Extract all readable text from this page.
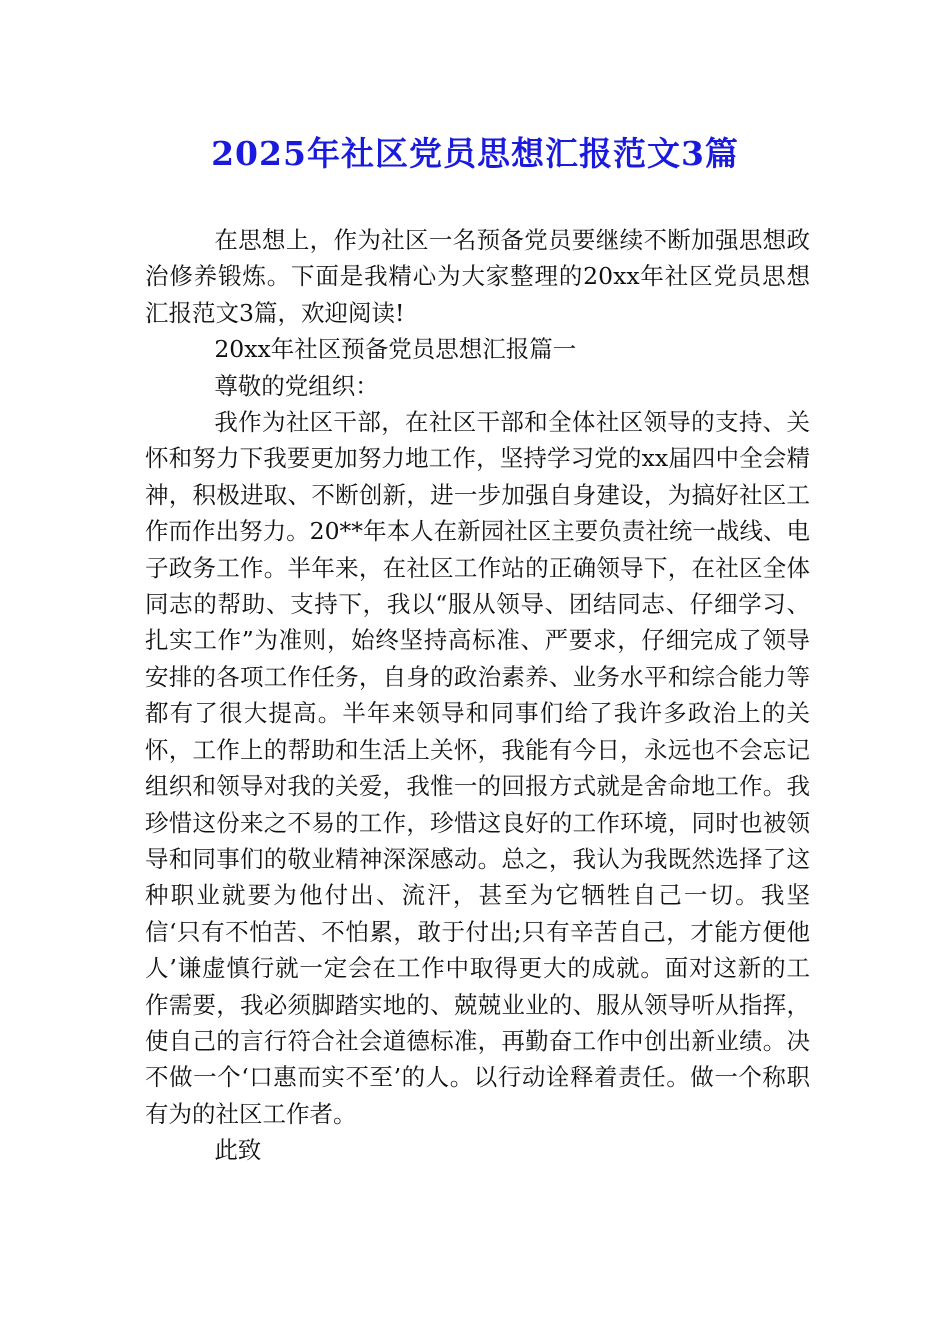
2025年社区党员思想汇报范文3篇

在思想上，作为社区一名预备党员要继续不断加强思想政治修养锻炼。下面是我精心为大家整理的20xx年社区党员思想汇报范文3篇，欢迎阅读!

20xx年社区预备党员思想汇报篇一

尊敬的党组织：

我作为社区干部，在社区干部和全体社区领导的支持、关怀和努力下我要更加努力地工作，坚持学习党的xx届四中全会精神，积极进取、不断创新，进一步加强自身建设，为搞好社区工作而作出努力。20**年本人在新园社区主要负责社统一战线、电子政务工作。半年来，在社区工作站的正确领导下，在社区全体同志的帮助、支持下，我以“服从领导、团结同志、仔细学习、扎实工作”为准则，始终坚持高标准、严要求，仔细完成了领导安排的各项工作任务，自身的政治素养、业务水平和综合能力等都有了很大提高。半年来领导和同事们给了我许多政治上的关怀，工作上的帮助和生活上关怀，我能有今日，永远也不会忘记组织和领导对我的关爱，我惟一的回报方式就是舍命地工作。我珍惜这份来之不易的工作，珍惜这良好的工作环境，同时也被领导和同事们的敬业精神深深感动。总之，我认为我既然选择了这种职业就要为他付出、流汗，甚至为它牺牲自己一切。我坚信‘只有不怕苦、不怕累，敢于付出;只有辛苦自己，才能方便他人’谦虚慎行就一定会在工作中取得更大的成就。面对这新的工作需要，我必须脚踏实地的、兢兢业业的、服从领导听从指挥，使自己的言行符合社会道德标准，再勤奋工作中创出新业绩。决不做一个‘口惠而实不至’的人。以行动诠释着责任。做一个称职有为的社区工作者。

此致
